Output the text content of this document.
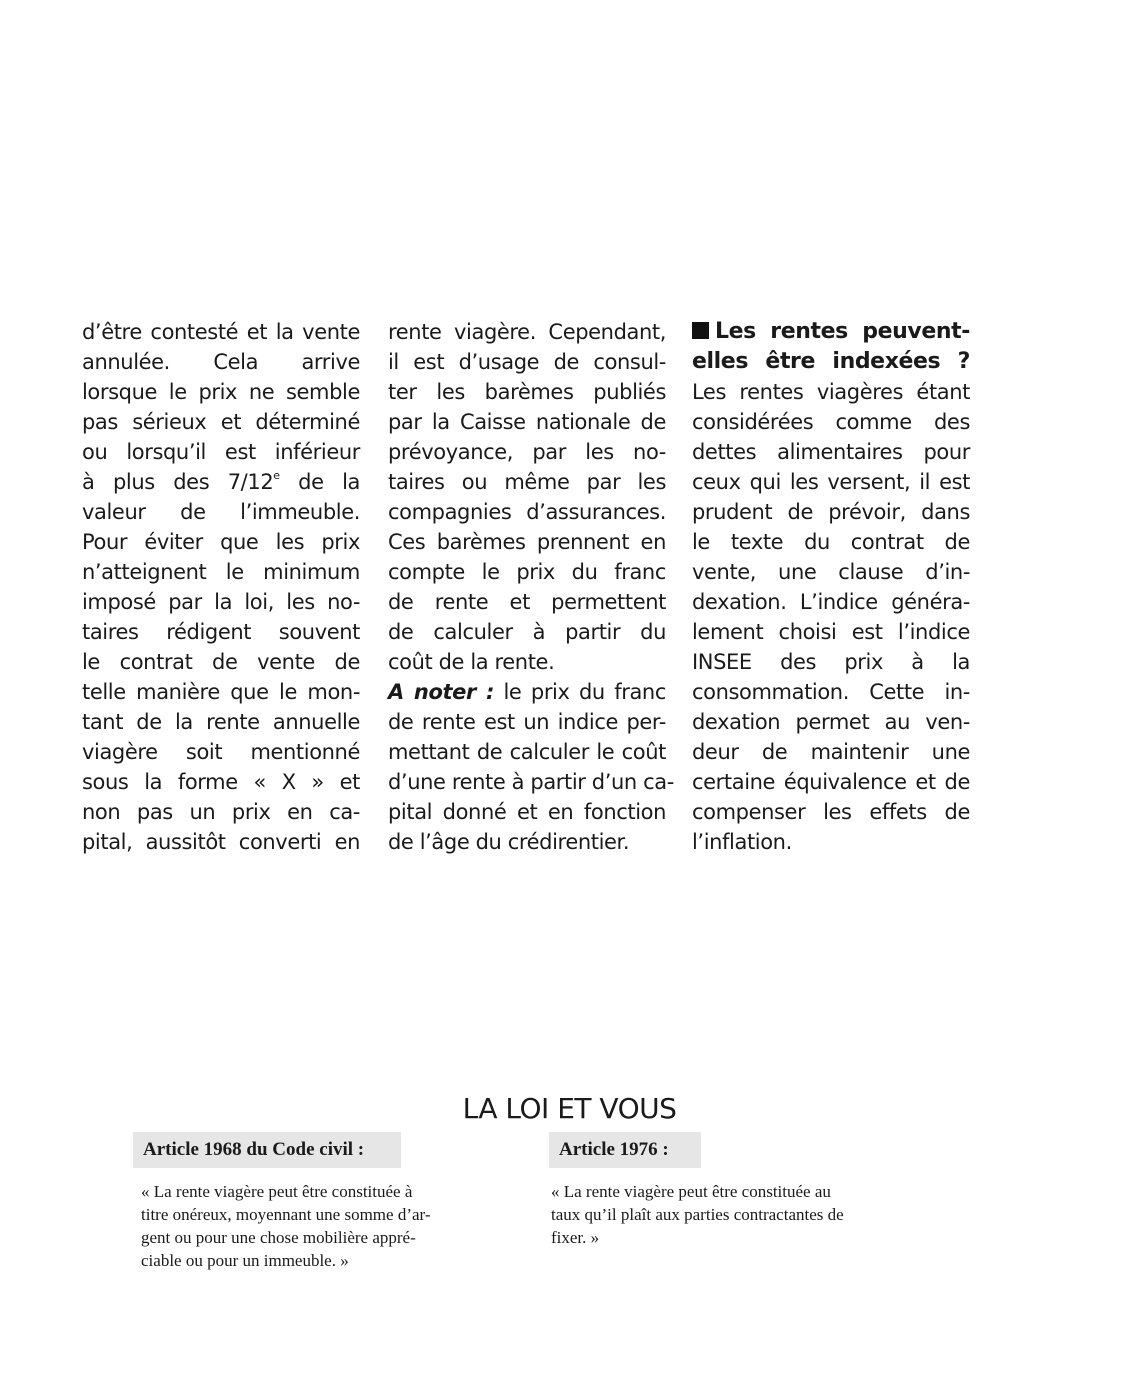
d’être contesté et la vente
annulée. Cela arrive
lorsque le prix ne semble
pas sérieux et déterminé
ou lorsqu’il est inférieur
à plus des 7/12e de la
valeur de l’immeuble.
Pour éviter que les prix
n’atteignent le minimum
imposé par la loi, les no-
taires rédigent souvent
le contrat de vente de
telle manière que le mon-
tant de la rente annuelle
viagère soit mentionné
sous la forme « X » et
non pas un prix en ca-
pital, aussitôt converti en
rente viagère. Cependant,
il est d’usage de consul-
ter les barèmes publiés
par la Caisse nationale de
prévoyance, par les no-
taires ou même par les
compagnies d’assurances.
Ces barèmes prennent en
compte le prix du franc
de rente et permettent
de calculer à partir du
coût de la rente.
A noter : le prix du franc
de rente est un indice per-
mettant de calculer le coût
d’une rente à partir d’un ca-
pital donné et en fonction
de l’âge du crédirentier.
Les rentes peuvent-
elles être indexées ?
Les rentes viagères étant
considérées comme des
dettes alimentaires pour
ceux qui les versent, il est
prudent de prévoir, dans
le texte du contrat de
vente, une clause d’in-
dexation. L’indice généra-
lement choisi est l’indice
INSEE des prix à la
consommation. Cette in-
dexation permet au ven-
deur de maintenir une
certaine équivalence et de
compenser les effets de
l’inflation.
LA LOI ET VOUS
Article 1968 du Code civil :	Article 1976 :
« La rente viagère peut être constituée à
titre onéreux, moyennant une somme d’ar-
gent ou pour une chose mobilière appré-
ciable ou pour un immeuble. »
« La rente viagère peut être constituée au
taux qu’il plaît aux parties contractantes de
fixer. »
